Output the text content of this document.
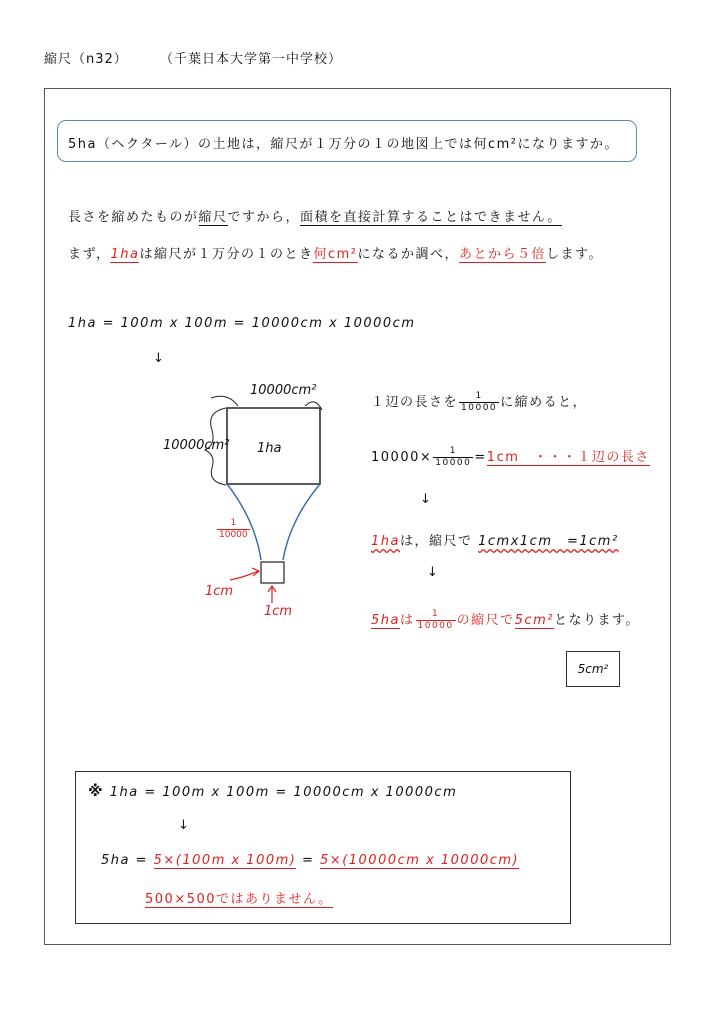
縮尺（n32） （千葉日本大学第一中学校）
5ha（ヘクタール）の土地は，縮尺が１万分の１の地図上では何cm²になりますか。
長さを縮めたものが縮尺ですから，面積を直接計算することはできません。
まず，1haは縮尺が１万分の１のとき何cm²になるか調べ，あとから５倍します。
1ha = 100m x 100m = 10000cm x 10000cm
↓
10000cm²
10000cm² 1ha
$\frac{1}{10000}$
1cm
1cm
１辺の長さを $\frac{1}{10000}$ に縮めると，
$10000\times \frac{1}{10000} =1cm$　・・・１辺の長さ
↓
1haは，縮尺で 1cmx1cm　=1cm²
↓
5haは $\frac{1}{10000}$ の縮尺で5cm²となります。
5cm²
※ 1ha = 100m x 100m = 10000cm x 10000cm
↓
5ha = 5×(100m x 100m) = 5×(10000cm x 10000cm)
500×500ではありません。
